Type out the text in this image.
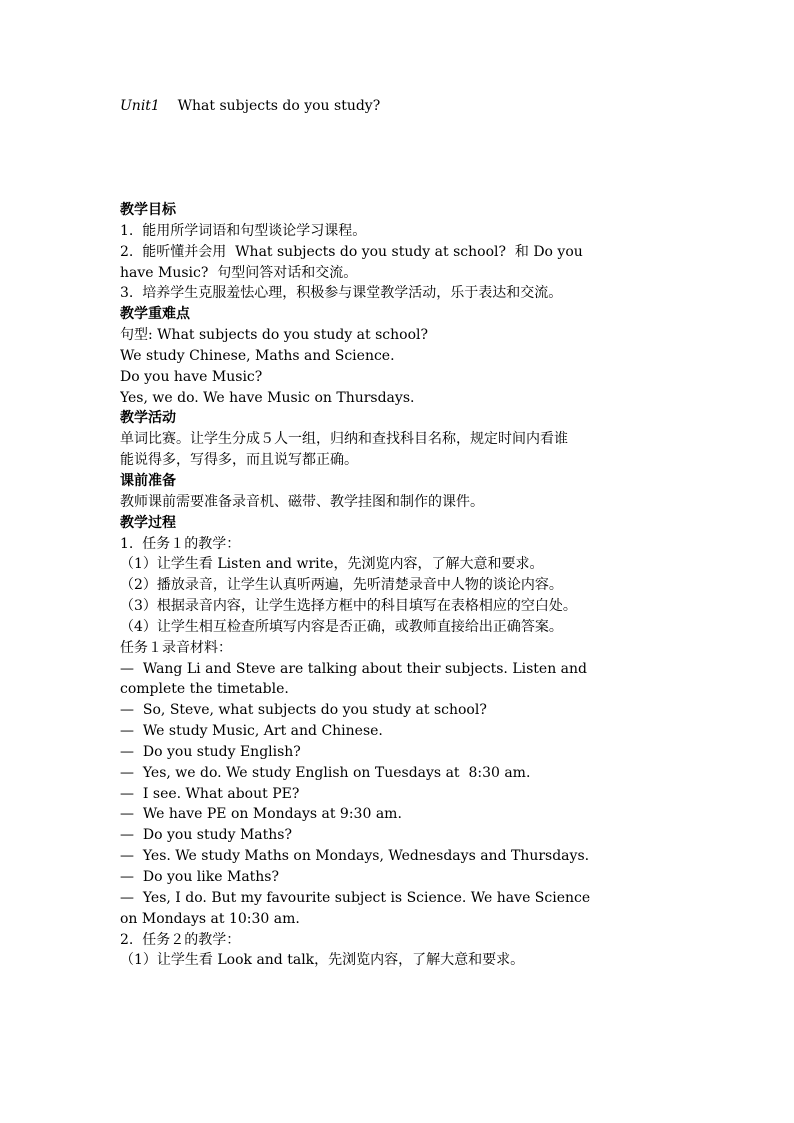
Unit1 What subjects do you study?
教学目标
1.  能用所学词语和句型谈论学习课程。
2.  能听懂并会用  What subjects do you study at school?  和 Do you
have Music?  句型问答对话和交流。
3.  培养学生克服羞怯心理，积极参与课堂教学活动，乐于表达和交流。
教学重难点
句型: What subjects do you study at school?
We study Chinese, Maths and Science.
Do you have Music?
Yes, we do. We have Music on Thursdays.
教学活动
单词比赛。让学生分成５人一组，归纳和查找科目名称，规定时间内看谁
能说得多，写得多，而且说写都正确。
课前准备
教师课前需要准备录音机、磁带、教学挂图和制作的课件。
教学过程
1.  任务１的教学：
（1）让学生看 Listen and write，先浏览内容，了解大意和要求。
（2）播放录音，让学生认真听两遍，先听清楚录音中人物的谈论内容。
（3）根据录音内容，让学生选择方框中的科目填写在表格相应的空白处。
（4）让学生相互检查所填写内容是否正确，或教师直接给出正确答案。
任务１录音材料：
—  Wang Li and Steve are talking about their subjects. Listen and
complete the timetable.
—  So, Steve, what subjects do you study at school?
—  We study Music, Art and Chinese.
—  Do you study English?
—  Yes, we do. We study English on Tuesdays at  8:30 am.
—  I see. What about PE?
—  We have PE on Mondays at 9:30 am.
—  Do you study Maths?
—  Yes. We study Maths on Mondays, Wednesdays and Thursdays.
—  Do you like Maths?
—  Yes, I do. But my favourite subject is Science. We have Science
on Mondays at 10:30 am.
2.  任务２的教学：
（1）让学生看 Look and talk，先浏览内容，了解大意和要求。
